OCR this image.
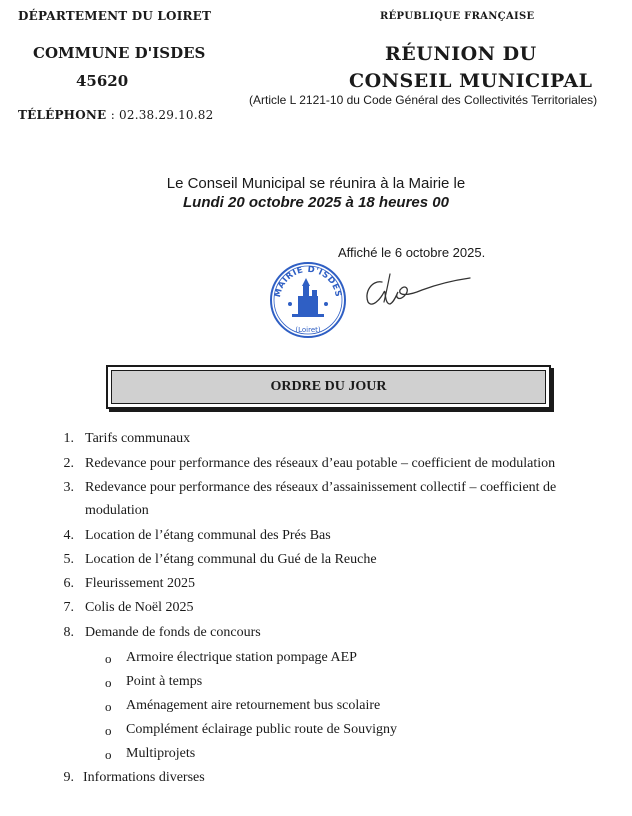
DÉPARTEMENT DU LOIRET
COMMUNE D'ISDES
45620
TÉLÉPHONE : 02.38.29.10.82
RÉPUBLIQUE FRANÇAISE
RÉUNION DU
CONSEIL MUNICIPAL
(Article L 2121-10 du Code Général des Collectivités Territoriales)
Le Conseil Municipal se réunira à la Mairie le
Lundi 20 octobre 2025 à 18 heures 00
Affiché le 6 octobre 2025.
MAIRIE D'ISDES
(Loiret)
ORDRE DU JOUR
1. Tarifs communaux
2. Redevance pour performance des réseaux d’eau potable – coefficient de modulation
3. Redevance pour performance des réseaux d’assainissement collectif – coefficient de
modulation
4. Location de l’étang communal des Prés Bas
5. Location de l’étang communal du Gué de la Reuche
6. Fleurissement 2025
7. Colis de Noël 2025
8. Demande de fonds de concours
o Armoire électrique station pompage AEP
o Point à temps
o Aménagement aire retournement bus scolaire
o Complément éclairage public route de Souvigny
o Multiprojets
9. Informations diverses
